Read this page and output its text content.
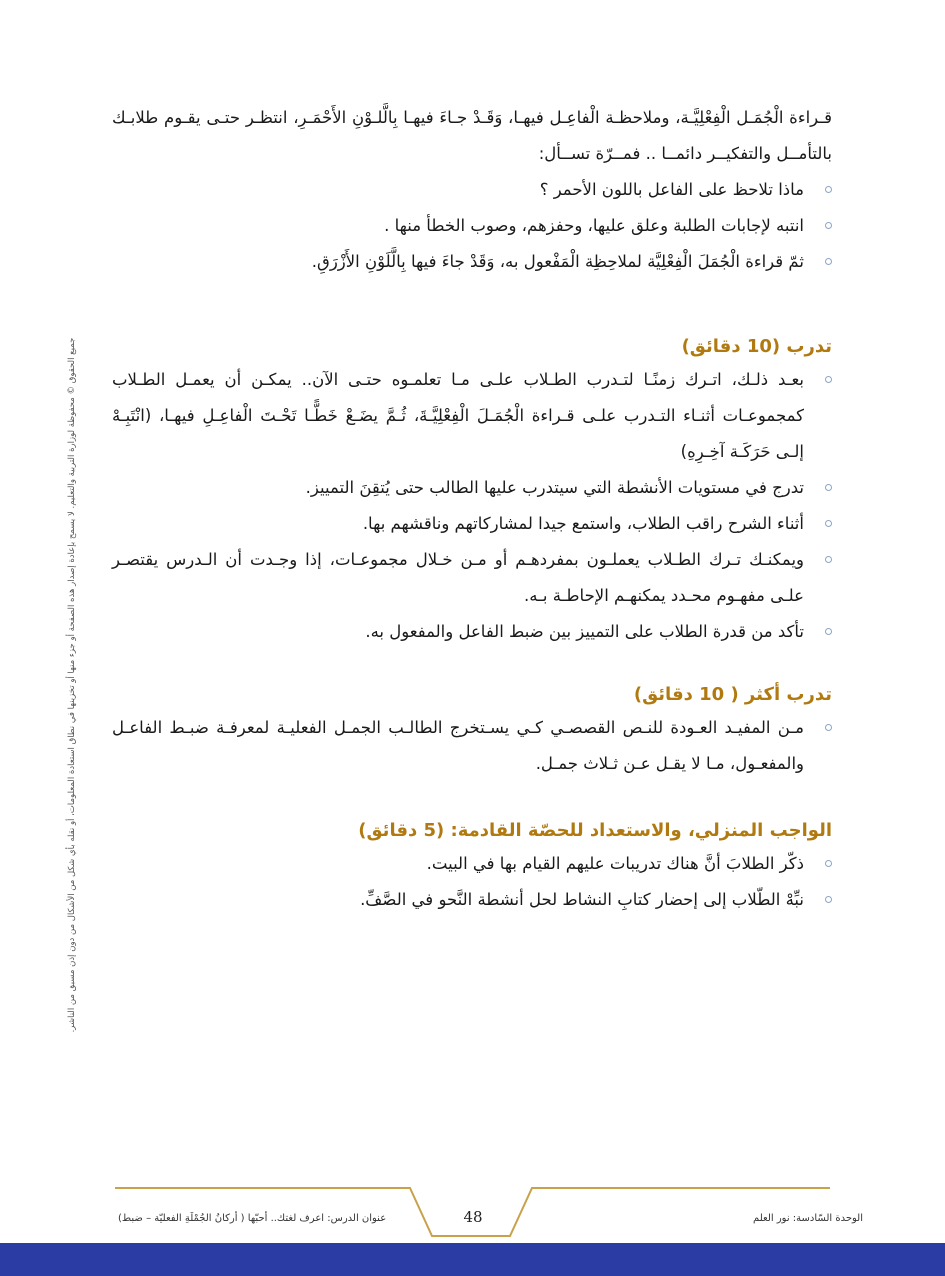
جميع الحقوق © محفوظة لوزارة التربية والتعليم. لا يسمح بإعادة إصدار هذه الصفحة أو جزء منها أو تخزينها في نطاق استعادة المعلومات، أو نقله بأي شكل من الأشكال من دون إذن مسبق من الناشر.

قـراءة الْجُمَـل الْفِعْلِيَّـة، وملاحظـة الْفاعِـل فيهـا، وَقَـدْ جـاءَ فيهـا بِالَّلـوْنِ الأَحْمَـرِ، انتظـر حتـى يقـوم طلابـك بالتأمــل والتفكيــر دائمــا .. فمــرّة تســأل:

ماذا تلاحظ على الفاعل باللون الأحمر ؟
انتبه لإجابات الطلبة وعلق عليها، وحفزهم، وصوب الخطأ منها .
ثمّ قراءة الْجُمَلَ الْفِعْلِيَّة لملاحِظِة الْمَفْعول به، وَقَدْ جاءَ فيها بِالَّلَوْنِ الأَزْرَقِ.
تدرب (10 دقائق)
بعـد ذلـك، اتـرك زمنًـا لتـدرب الطـلاب علـى مـا تعلمـوه حتـى الآن.. يمكـن أن يعمـل الطـلاب كمجموعـات أثنـاء التـدرب علـى قـراءة الْجُمَـلَ الْفِعْلِيَّـةَ، ثُـمَّ يضَـعْ خَطًّـا تَحْـتَ الْفاعِـلِ فيهـا، (انْتَبِـهْ إلـى حَرَكَـة آخِـرِهِ)
تدرج في مستويات الأنشطة التي سيتدرب عليها الطالب حتى يُتقِنَ التمييز.
أثناء الشرح راقب الطلاب، واستمع جيدا لمشاركاتهم وناقشهم بها.
ويمكنـك تـرك الطـلاب يعملـون بمفردهـم أو مـن خـلال مجموعـات، إذا وجـدت أن الـدرس يقتصـر علـى مفهـوم محـدد يمكنهـم الإحاطـة بـه.
تأكد من قدرة الطلاب على التمييز بين ضبط الفاعل والمفعول به.
تدرب أكثر ( 10 دقائق)
مـن المفيـد العـودة للنـص القصصـي كـي يسـتخرج الطالـب الجمـل الفعليـة لمعرفـة ضبـط الفاعـل والمفعـول، مـا لا يقـل عـن ثـلاث جمـل.
الواجب المنزلي، والاستعداد للحصّة القادمة: (5 دقائق)
ذكّر الطلابَ أنَّ هناك تدريبات عليهم القيام بها في البيت.
نبِّهْ الطّلاب إلى إحضار كتابِ النشاط لحل أنشطة النَّحو في الصَّفِّ.
عنوان الدرس: اعرف لغتك.. أحبّها ( أركانُ الجُمْلَةِ الفعليّة – ضبط)	48	الوحدة السّادسة: نور العلم
